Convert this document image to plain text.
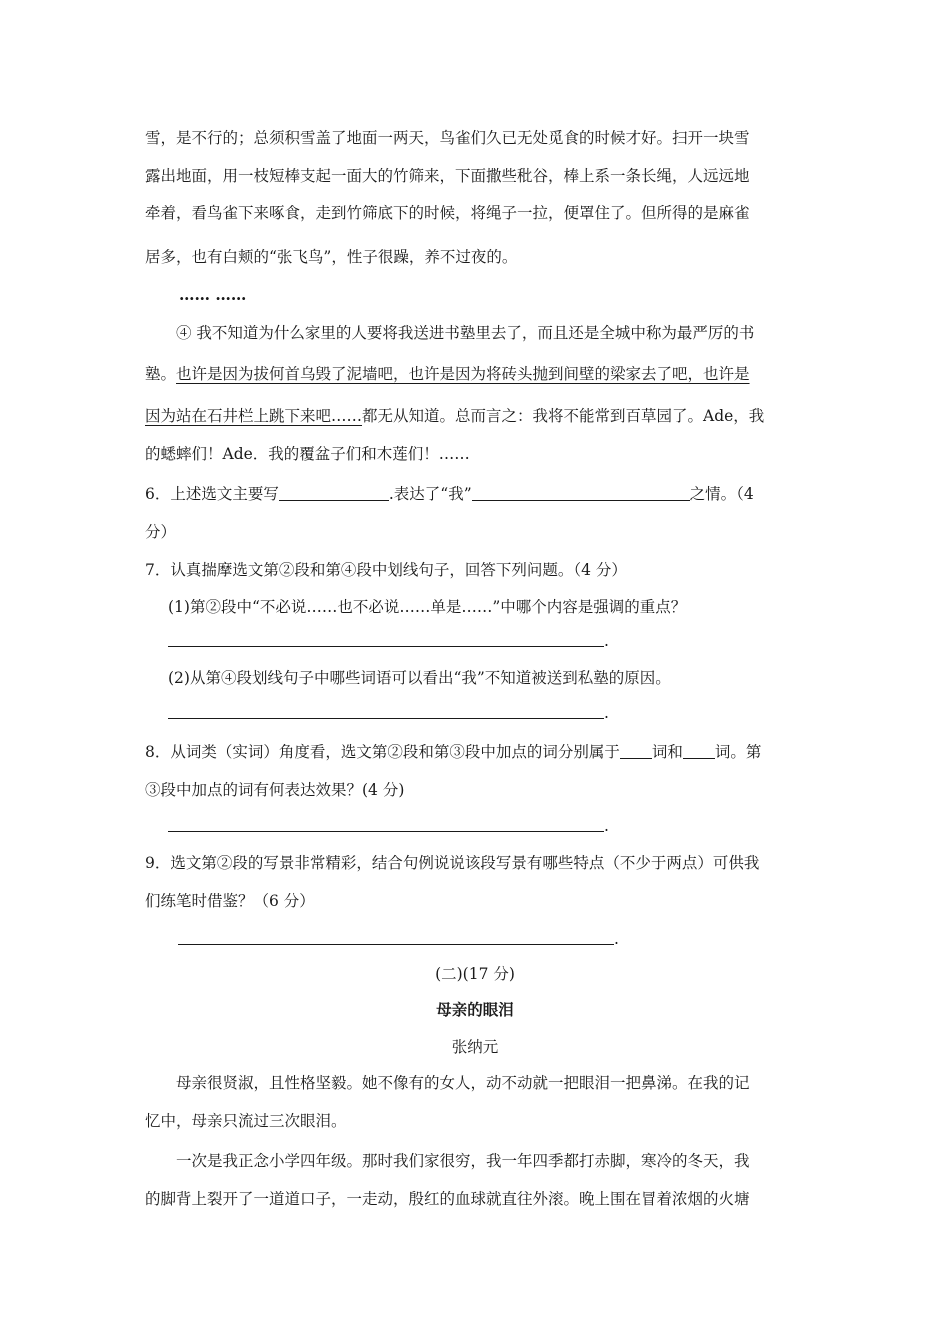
雪，是不行的；总须积雪盖了地面一两天，鸟雀们久已无处觅食的时候才好。扫开一块雪

露出地面，用一枝短棒支起一面大的竹筛来，下面撒些秕谷，棒上系一条长绳，人远远地

牵着，看鸟雀下来啄食，走到竹筛底下的时候，将绳子一拉，便罩住了。但所得的是麻雀

居多，也有白颊的“张飞鸟”，性子很躁，养不过夜的。

…… ……

④ 我不知道为什么家里的人要将我送进书塾里去了，而且还是全城中称为最严厉的书

塾。也许是因为拔何首乌毁了泥墙吧，也许是因为将砖头抛到间壁的梁家去了吧，也许是

因为站在石井栏上跳下来吧……都无从知道。总而言之：我将不能常到百草园了。Ade，我

的蟋蟀们！Ade．我的覆盆子们和木莲们！……

6．上述选文主要写	.表达了“我”	之情。（4

分）

7．认真揣摩选文第②段和第④段中划线句子，回答下列问题。（4 分）

(1)第②段中“不必说……也不必说……单是……”中哪个内容是强调的重点？

.

(2)从第④段划线句子中哪些词语可以看出“我”不知道被送到私塾的原因。

.

8．从词类（实词）角度看，选文第②段和第③段中加点的词分别属于 词和 词。第

③段中加点的词有何表达效果？(4 分)

.

9．选文第②段的写景非常精彩，结合句例说说该段写景有哪些特点（不少于两点）可供我

们练笔时借鉴？（6 分）

.

(二)(17 分)

母亲的眼泪

张纳元

母亲很贤淑，且性格坚毅。她不像有的女人，动不动就一把眼泪一把鼻涕。在我的记

忆中，母亲只流过三次眼泪。

一次是我正念小学四年级。那时我们家很穷，我一年四季都打赤脚，寒冷的冬天，我

的脚背上裂开了一道道口子，一走动，殷红的血球就直往外滚。晚上围在冒着浓烟的火塘
